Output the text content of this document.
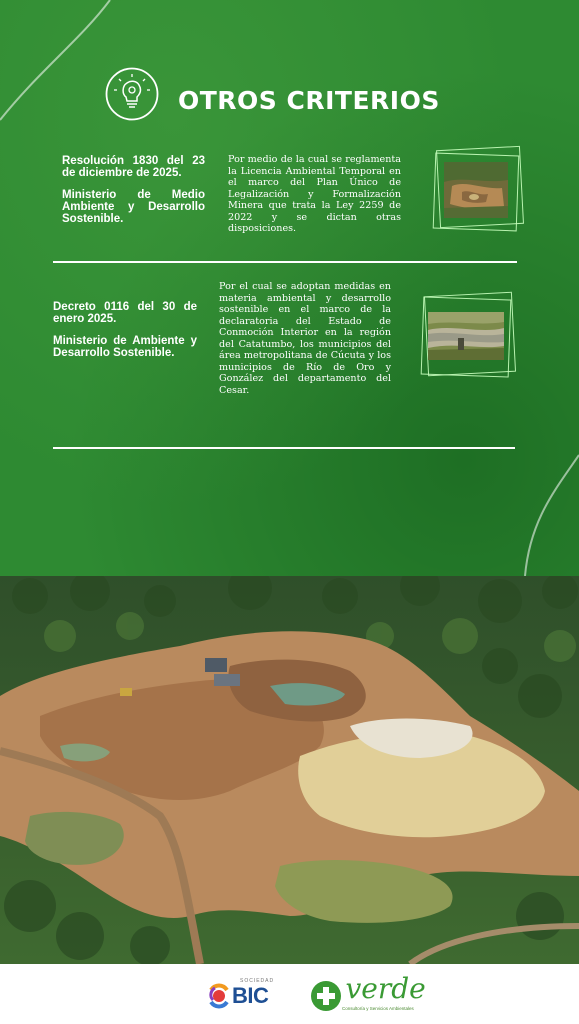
OTROS CRITERIOS

Resolución 1830 del 23 de diciembre de 2025.

Ministerio de Medio Ambiente y Desarrollo Sostenible.

Por medio de la cual se reglamenta la Licencia Ambiental Temporal en el marco del Plan Único de Legalización y Formalización Minera que trata la Ley 2259 de 2022 y se dictan otras disposiciones.

Decreto 0116 del 30 de enero 2025.

Ministerio de Ambiente y Desarrollo Sostenible.

Por el cual se adoptan medidas en materia ambiental y desarrollo sostenible en el marco de la declaratoria del Estado de Conmoción Interior en la región del Catatumbo, los municipios del área metropolitana de Cúcuta y los municipios de Río de Oro y González del departamento del Cesar.
SOCIEDAD
BIC	verde
Consultoría y Servicios Ambientales
